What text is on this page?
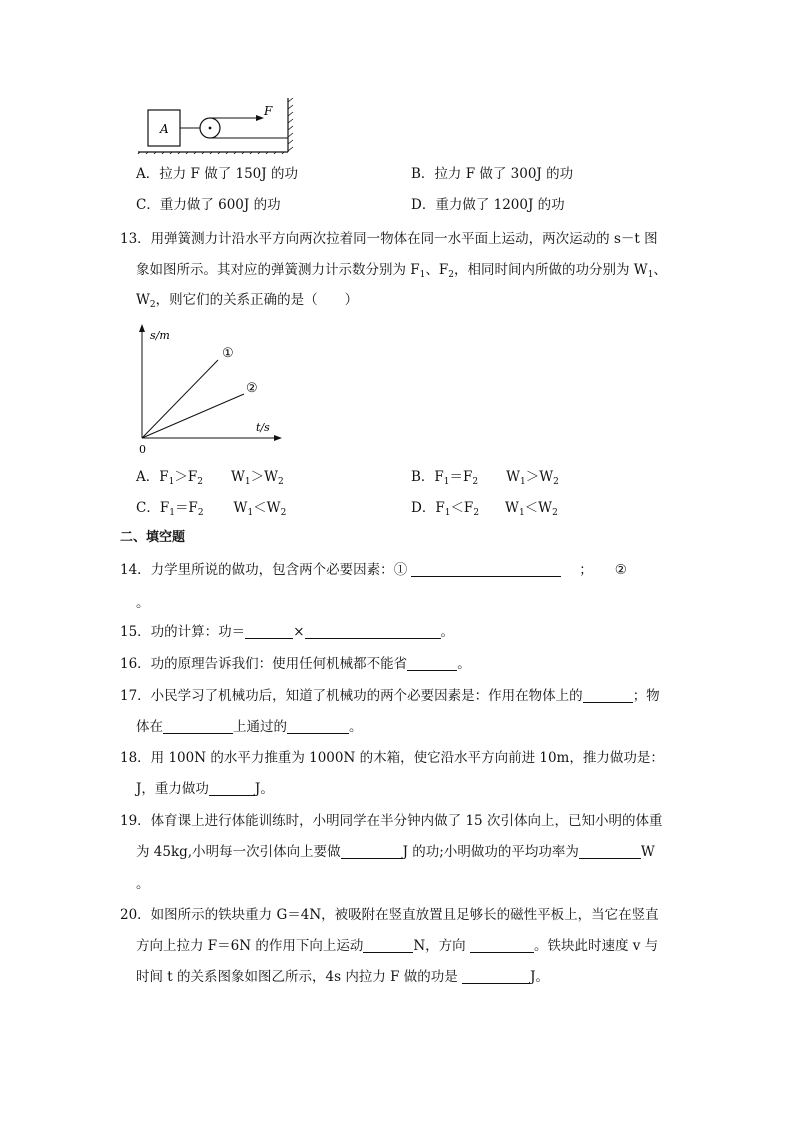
A
F
A．拉力 F 做了 150J 的功	B．拉力 F 做了 300J 的功
C．重力做了 600J 的功	D．重力做了 1200J 的功
13．用弹簧测力计沿水平方向两次拉着同一物体在同一水平面上运动，两次运动的 s－t 图
象如图所示。其对应的弹簧测力计示数分别为 $F_1$、$F_2$，相同时间内所做的功分别为 $W_1$、
$W_2$，则它们的关系正确的是（　　）
s/m
t/s
0
①
②
A．$F_1>F_2$ $W_1>W_2$	B．$F_1=F_2$ $W_1>W_2$
C．$F_1=F_2$ $W_1<W_2$	D．$F_1<F_2$ $W_1<W_2$
二、填空题
14．力学里所说的做功，包含两个必要因素：①	； ②
。
15．功的计算：功＝	×	。
16．功的原理告诉我们：使用任何机械都不能省	。
17．小民学习了机械功后，知道了机械功的两个必要因素是：作用在物体上的	；物
体在	上通过的	。
18．用 100N 的水平力推重为 1000N 的木箱，使它沿水平方向前进 10m，推力做功是：
J，重力做功	J。
19．体育课上进行体能训练时，小明同学在半分钟内做了 15 次引体向上，已知小明的体重
为 45kg,小明每一次引体向上要做	J 的功;小明做功的平均功率为	W
。
20．如图所示的铁块重力 G＝4N，被吸附在竖直放置且足够长的磁性平板上，当它在竖直
方向上拉力 F＝6N 的作用下向上运动	N，方向	。铁块此时速度 v 与
时间 t 的关系图象如图乙所示，4s 内拉力 F 做的功是	J。
